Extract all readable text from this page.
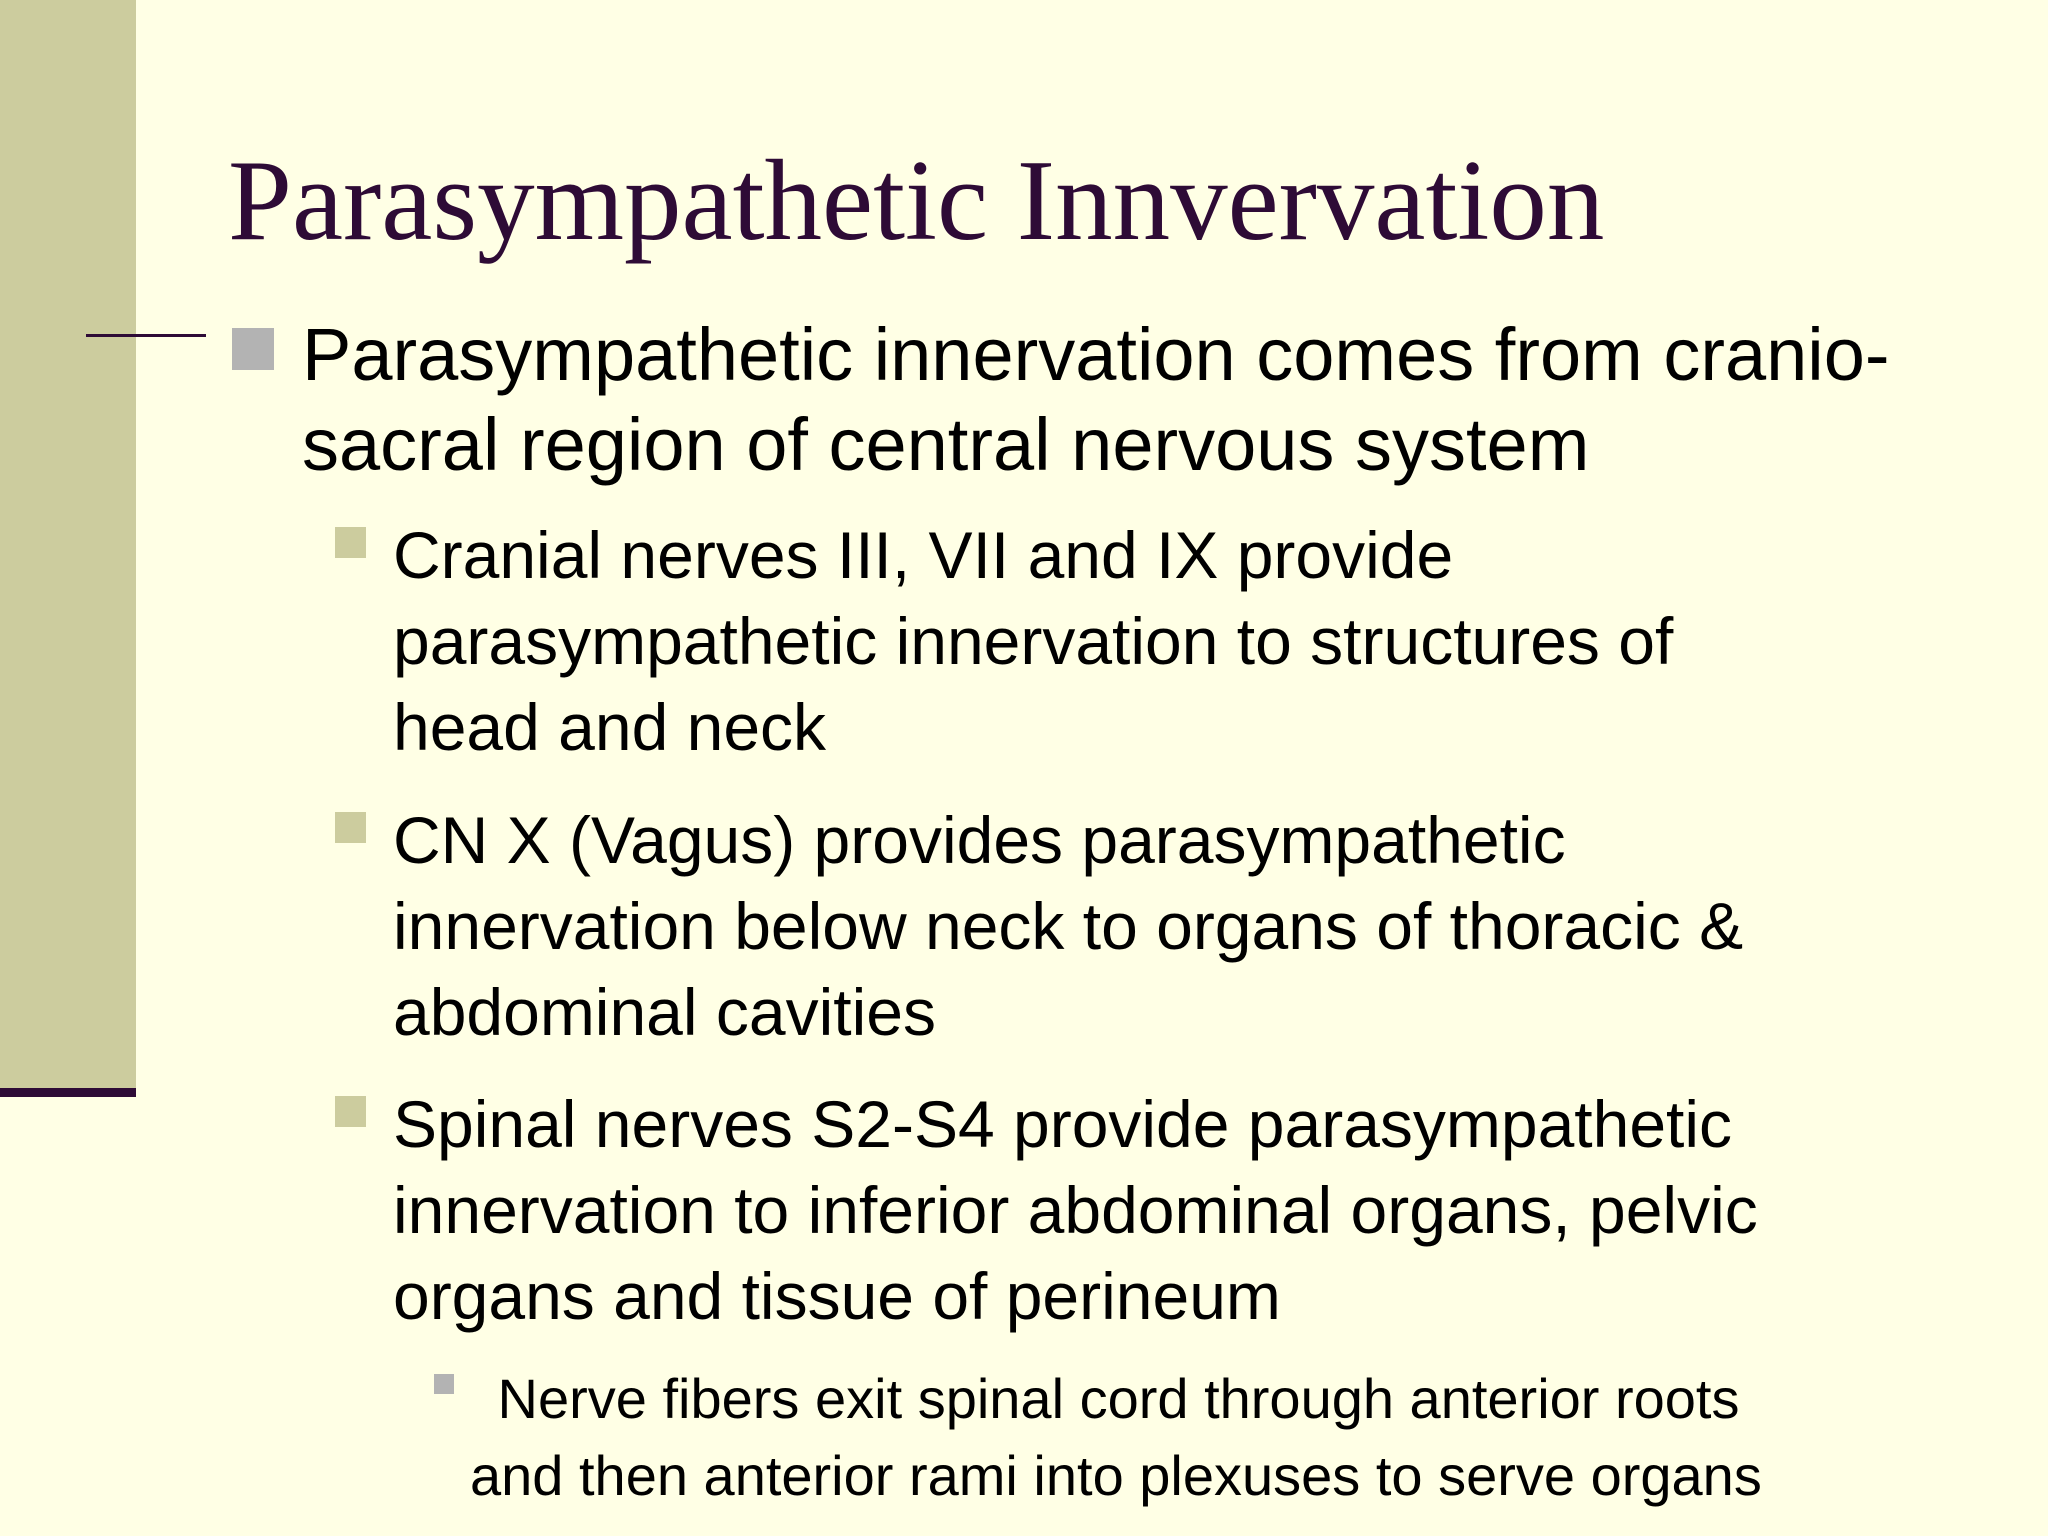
Parasympathetic Innvervation
Parasympathetic innervation comes from cranio-
sacral region of central nervous system
Cranial nerves III, VII and IX provide
parasympathetic innervation to structures of
head and neck
CN X (Vagus) provides parasympathetic
innervation below neck to organs of thoracic &
abdominal cavities
Spinal nerves S2-S4 provide parasympathetic
innervation to inferior abdominal organs, pelvic
organs and tissue of perineum
Nerve fibers exit spinal cord through anterior roots
and then anterior rami into plexuses to serve organs
